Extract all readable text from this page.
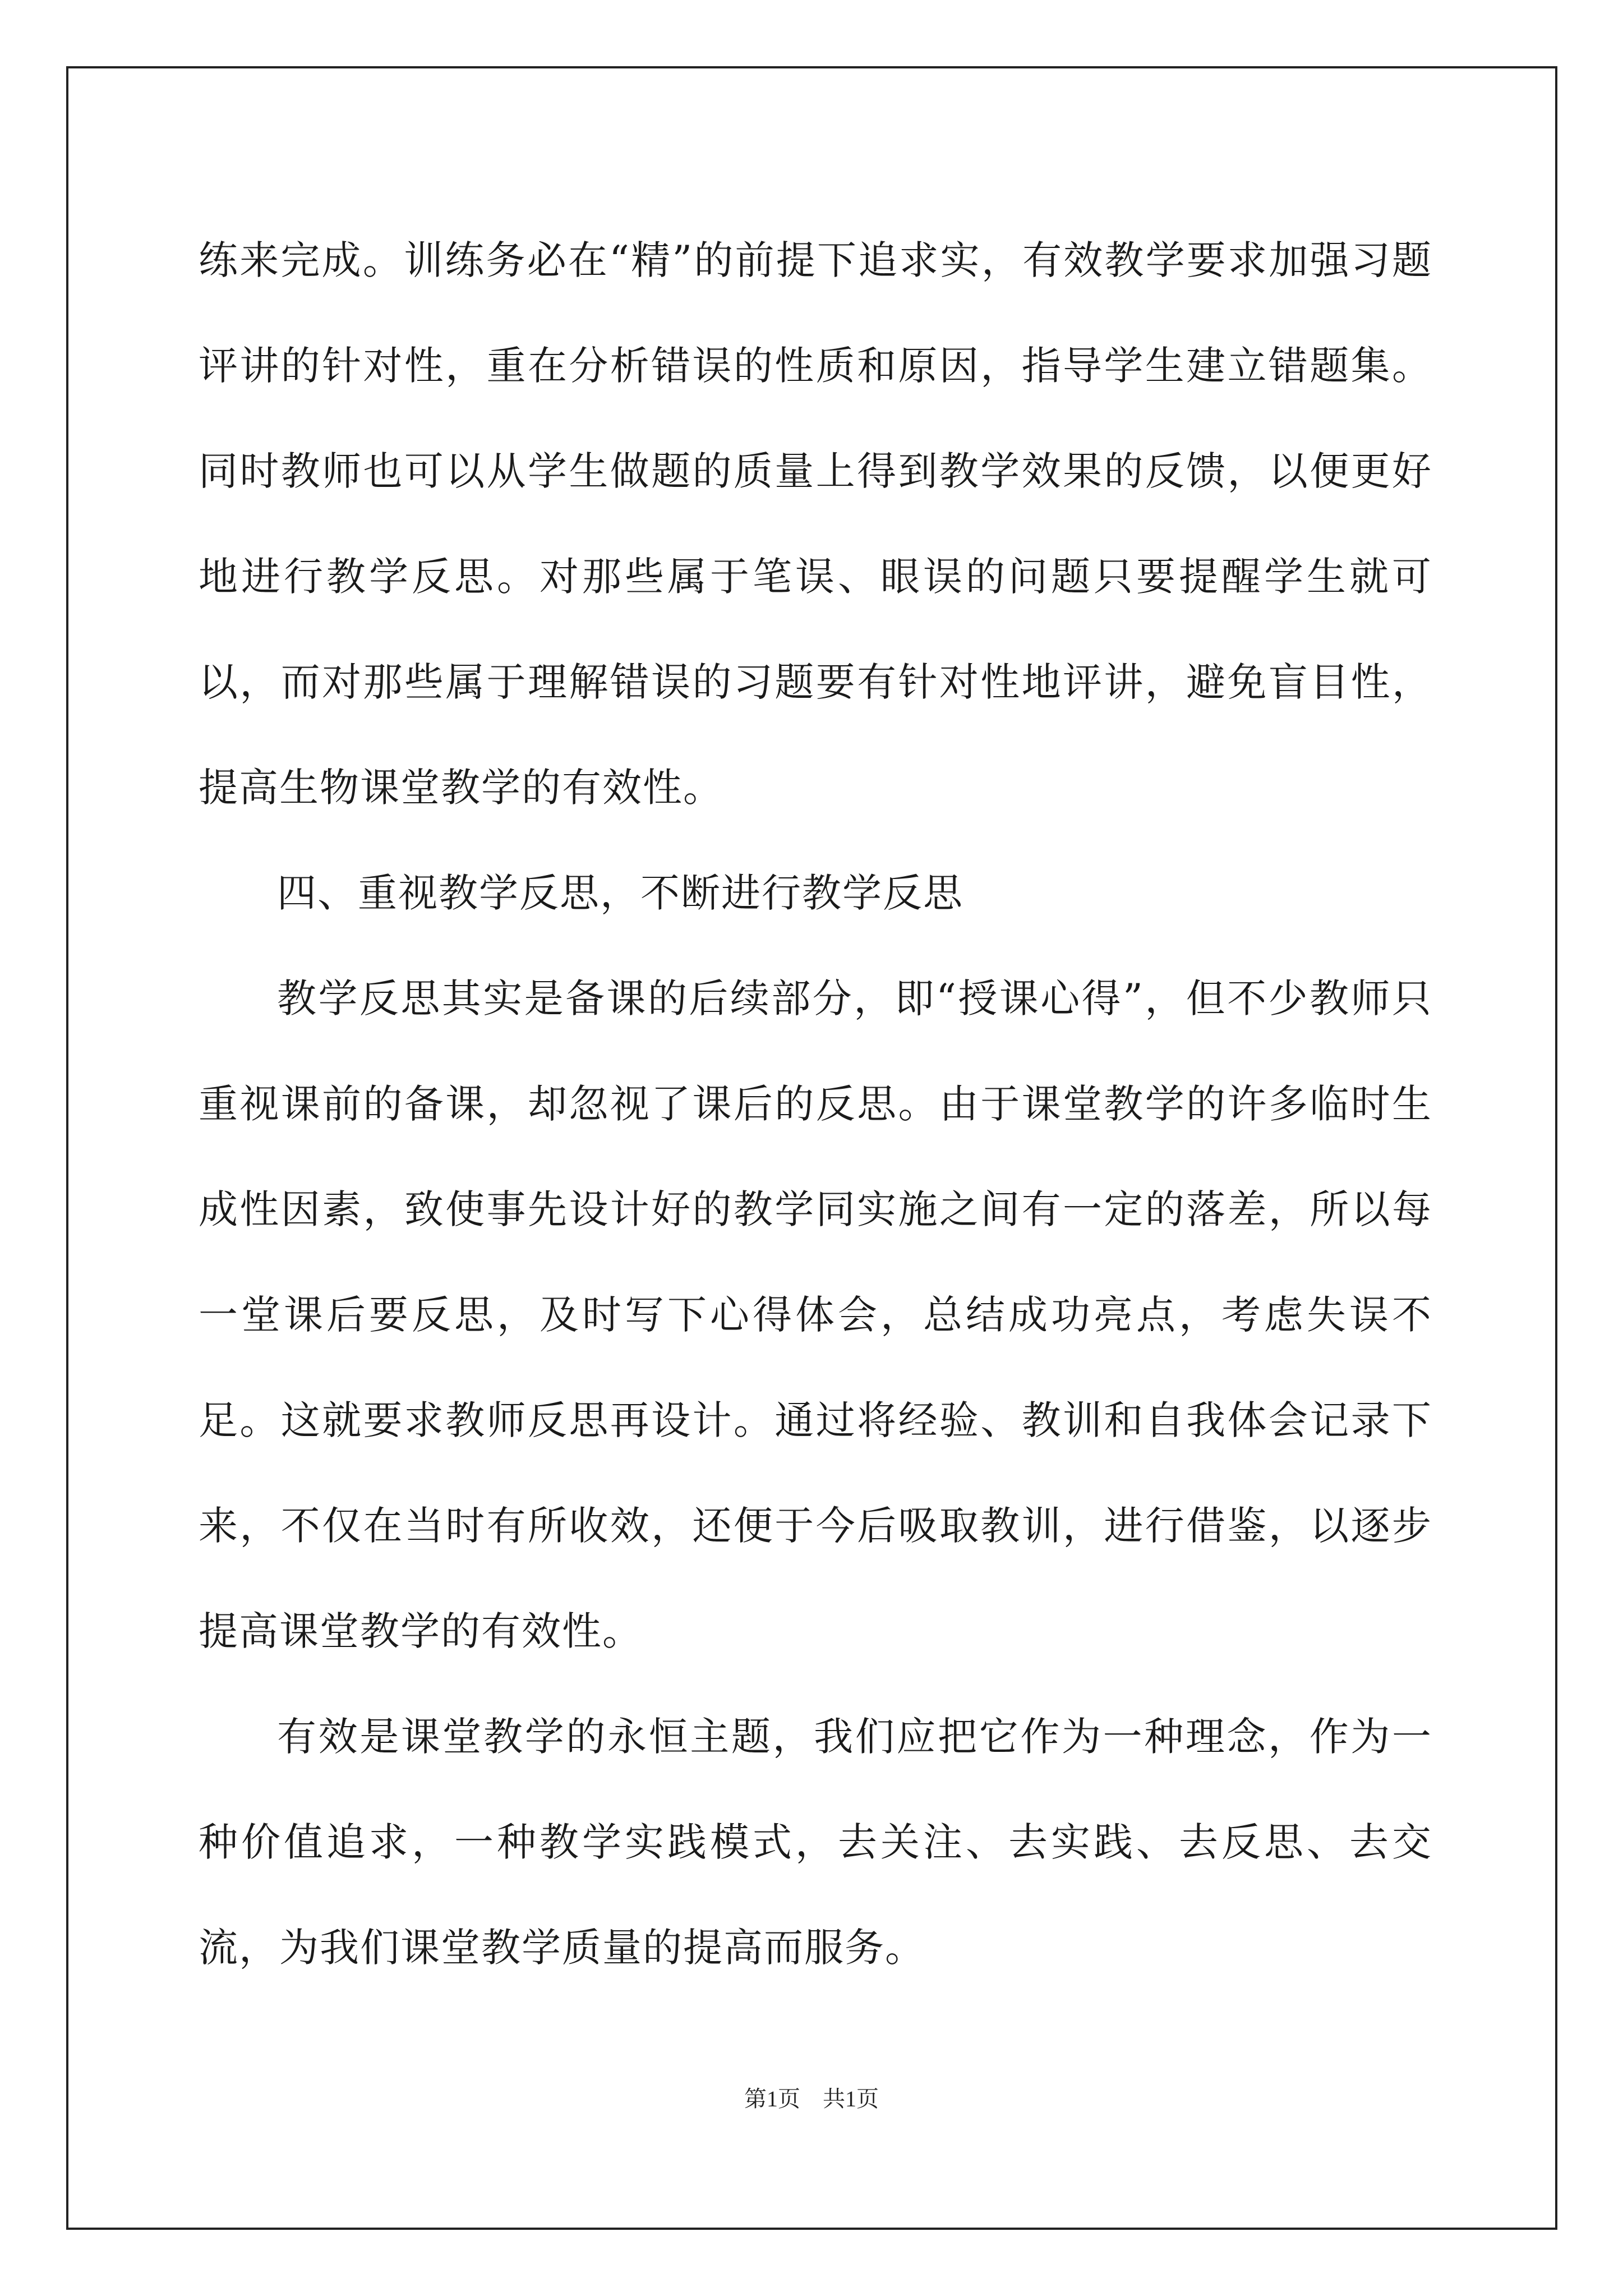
练来完成。训练务必在“精”的前提下追求实，有效教学要求加强习题评讲的针对性，重在分析错误的性质和原因，指导学生建立错题集。同时教师也可以从学生做题的质量上得到教学效果的反馈，以便更好地进行教学反思。对那些属于笔误、眼误的问题只要提醒学生就可以，而对那些属于理解错误的习题要有针对性地评讲，避免盲目性，提高生物课堂教学的有效性。

四、重视教学反思，不断进行教学反思

教学反思其实是备课的后续部分，即“授课心得”，但不少教师只重视课前的备课，却忽视了课后的反思。由于课堂教学的许多临时生成性因素，致使事先设计好的教学同实施之间有一定的落差，所以每一堂课后要反思，及时写下心得体会，总结成功亮点，考虑失误不足。这就要求教师反思再设计。通过将经验、教训和自我体会记录下来，不仅在当时有所收效，还便于今后吸取教训，进行借鉴，以逐步提高课堂教学的有效性。

有效是课堂教学的永恒主题，我们应把它作为一种理念，作为一种价值追求，一种教学实践模式，去关注、去实践、去反思、去交流，为我们课堂教学质量的提高而服务。

第1页 共1页
